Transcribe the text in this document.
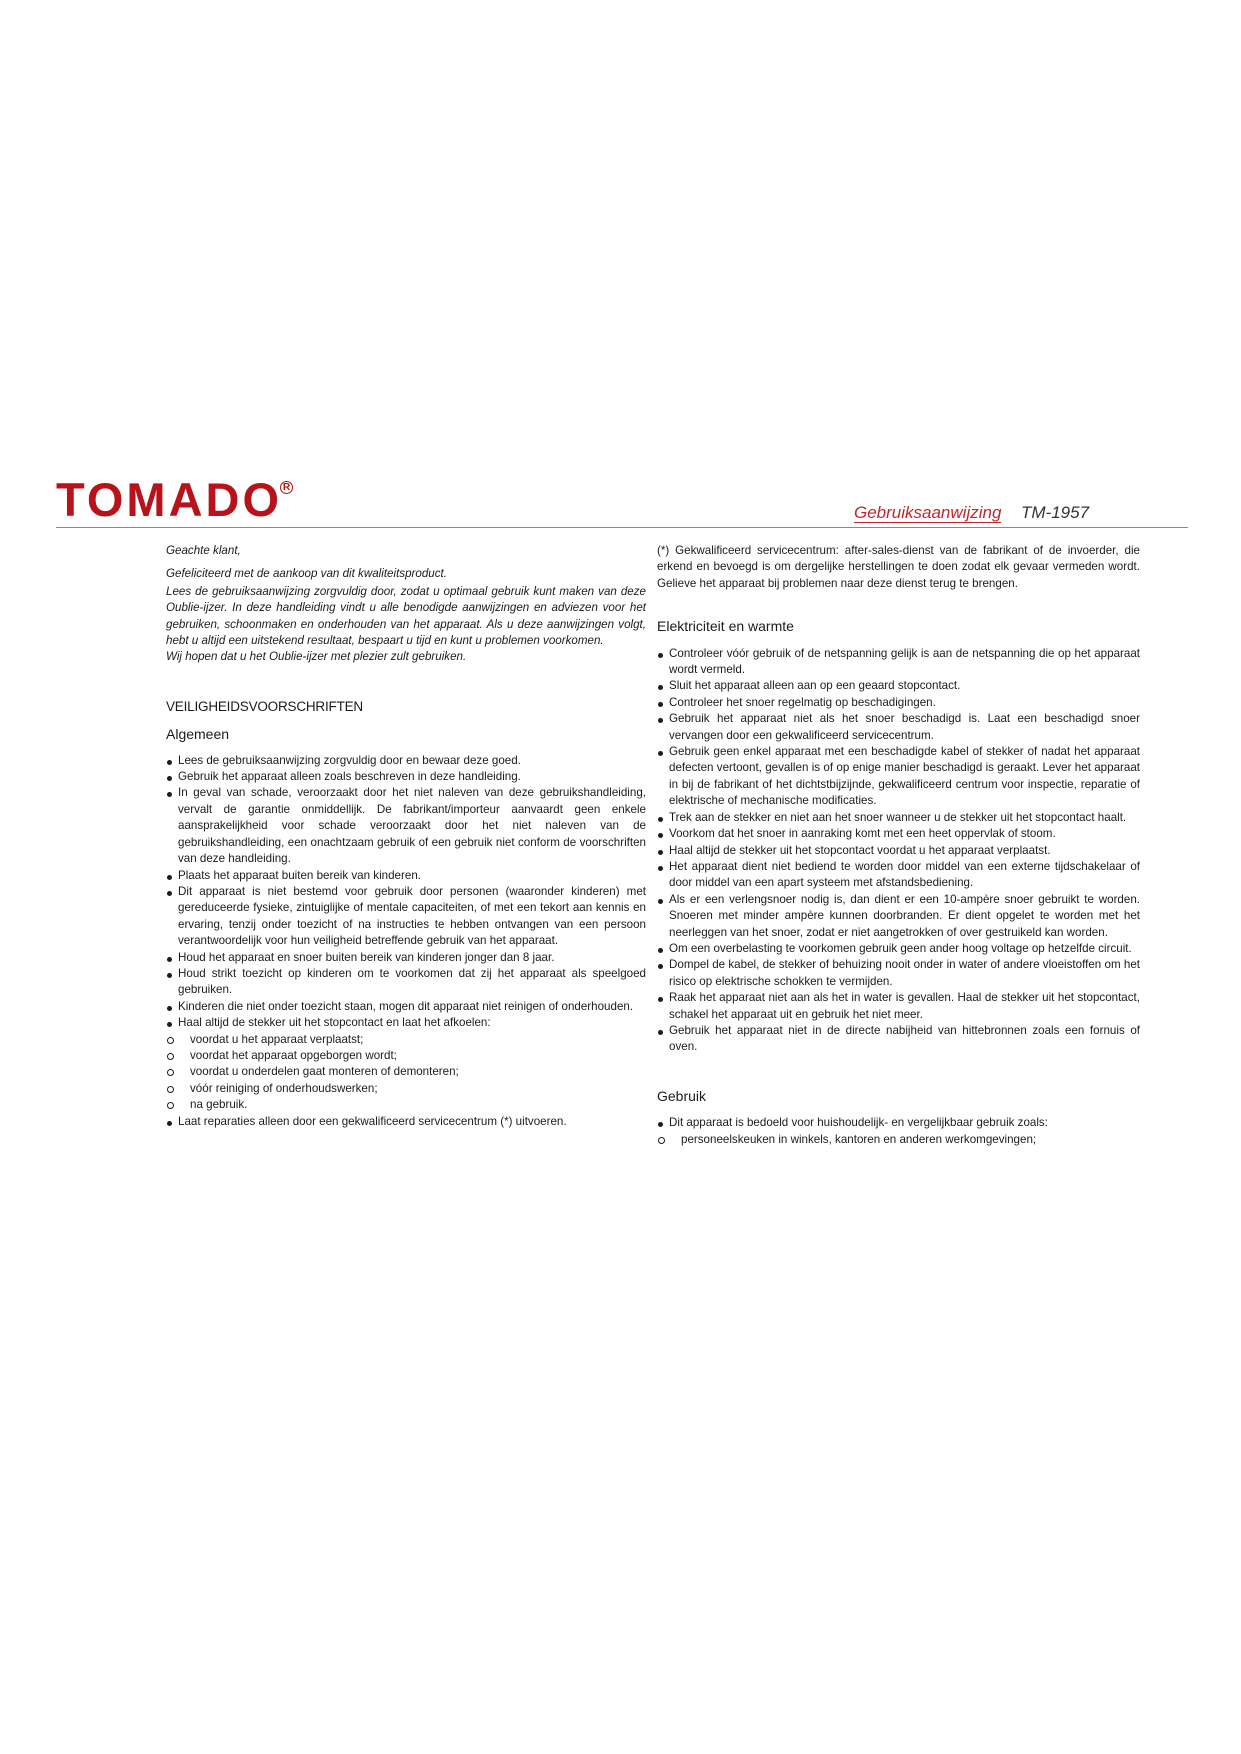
TOMADO R
Gebruiksaanwijzing TM-1957

Geachte klant,

Gefeliciteerd met de aankoop van dit kwaliteitsproduct.

Lees de gebruiksaanwijzing zorgvuldig door, zodat u optimaal gebruik kunt maken van deze Oublie-ijzer. In deze handleiding vindt u alle benodigde aanwijzingen en adviezen voor het gebruiken, schoonmaken en onderhouden van het apparaat. Als u deze aanwijzingen volgt, hebt u altijd een uitstekend resultaat, bespaart u tijd en kunt u problemen voorkomen.

Wij hopen dat u het Oublie-ijzer met plezier zult gebruiken.

VEILIGHEIDSVOORSCHRIFTEN
Algemeen
Lees de gebruiksaanwijzing zorgvuldig door en bewaar deze goed.
Gebruik het apparaat alleen zoals beschreven in deze handleiding.
In geval van schade, veroorzaakt door het niet naleven van deze gebruikshandleiding, vervalt de garantie onmiddellijk. De fabrikant/importeur aanvaardt geen enkele aansprakelijkheid voor schade veroorzaakt door het niet naleven van de gebruikshandleiding, een onachtzaam gebruik of een gebruik niet conform de voorschriften van deze handleiding.
Plaats het apparaat buiten bereik van kinderen.
Dit apparaat is niet bestemd voor gebruik door personen (waaronder kinderen) met gereduceerde fysieke, zintuiglijke of mentale capaciteiten, of met een tekort aan kennis en ervaring, tenzij onder toezicht of na instructies te hebben ontvangen van een persoon verantwoordelijk voor hun veiligheid betreffende gebruik van het apparaat.
Houd het apparaat en snoer buiten bereik van kinderen jonger dan 8 jaar.
Houd strikt toezicht op kinderen om te voorkomen dat zij het apparaat als speelgoed gebruiken.
Kinderen die niet onder toezicht staan, mogen dit apparaat niet reinigen of onderhouden.
Haal altijd de stekker uit het stopcontact en laat het afkoelen:
voordat u het apparaat verplaatst;
voordat het apparaat opgeborgen wordt;
voordat u onderdelen gaat monteren of demonteren;
vóór reiniging of onderhoudswerken;
na gebruik.
Laat reparaties alleen door een gekwalificeerd servicecentrum (*) uitvoeren.

(*) Gekwalificeerd servicecentrum: after-sales-dienst van de fabrikant of de invoerder, die erkend en bevoegd is om dergelijke herstellingen te doen zodat elk gevaar vermeden wordt. Gelieve het apparaat bij problemen naar deze dienst terug te brengen.

Elektriciteit en warmte
Controleer vóór gebruik of de netspanning gelijk is aan de netspanning die op het apparaat wordt vermeld.
Sluit het apparaat alleen aan op een geaard stopcontact.
Controleer het snoer regelmatig op beschadigingen.
Gebruik het apparaat niet als het snoer beschadigd is. Laat een beschadigd snoer vervangen door een gekwalificeerd servicecentrum.
Gebruik geen enkel apparaat met een beschadigde kabel of stekker of nadat het apparaat defecten vertoont, gevallen is of op enige manier beschadigd is geraakt. Lever het apparaat in bij de fabrikant of het dichtstbijzijnde, gekwalificeerd centrum voor inspectie, reparatie of elektrische of mechanische modificaties.
Trek aan de stekker en niet aan het snoer wanneer u de stekker uit het stopcontact haalt.
Voorkom dat het snoer in aanraking komt met een heet oppervlak of stoom.
Haal altijd de stekker uit het stopcontact voordat u het apparaat verplaatst.
Het apparaat dient niet bediend te worden door middel van een externe tijdschakelaar of door middel van een apart systeem met afstandsbediening.
Als er een verlengsnoer nodig is, dan dient er een 10-ampère snoer gebruikt te worden. Snoeren met minder ampère kunnen doorbranden. Er dient opgelet te worden met het neerleggen van het snoer, zodat er niet aangetrokken of over gestruikeld kan worden.
Om een overbelasting te voorkomen gebruik geen ander hoog voltage op hetzelfde circuit.
Dompel de kabel, de stekker of behuizing nooit onder in water of andere vloeistoffen om het risico op elektrische schokken te vermijden.
Raak het apparaat niet aan als het in water is gevallen. Haal de stekker uit het stopcontact, schakel het apparaat uit en gebruik het niet meer.
Gebruik het apparaat niet in de directe nabijheid van hittebronnen zoals een fornuis of oven.
Gebruik
Dit apparaat is bedoeld voor huishoudelijk- en vergelijkbaar gebruik zoals:
personeelskeuken in winkels, kantoren en anderen werkomgevingen;
